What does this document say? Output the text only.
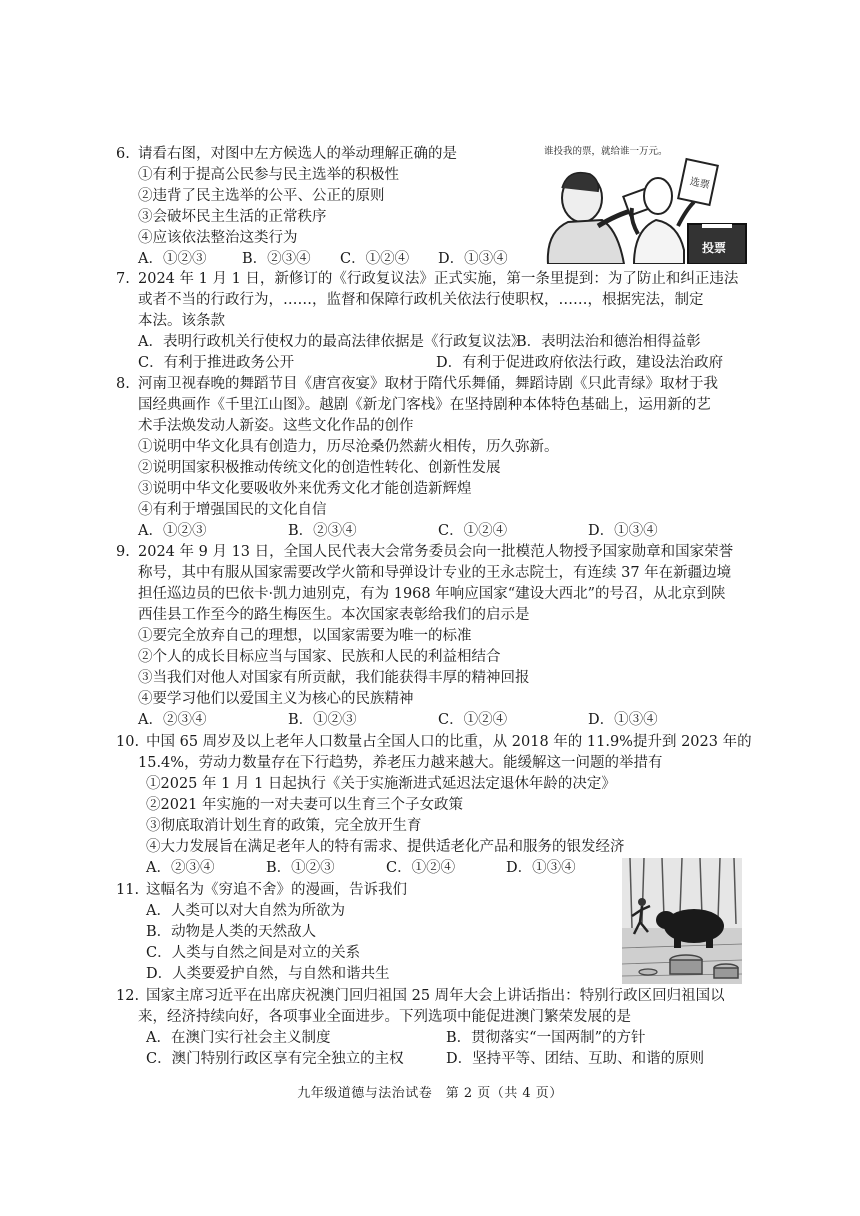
6. 请看右图，对图中左方候选人的举动理解正确的是
①有利于提高公民参与民主选举的积极性
②违背了民主选举的公平、公正的原则
③会破坏民主生活的正常秩序
④应该依法整治这类行为
A．①②③	B．②③④	C．①②④	D．①③④
谁投我的票，就给谁一万元。
选票
投票
7. 2024 年 1 月 1 日，新修订的《行政复议法》正式实施，第一条里提到：为了防止和纠正违法
或者不当的行政行为，……，监督和保障行政机关依法行使职权，……，根据宪法，制定
本法。该条款
A．表明行政机关行使权力的最高法律依据是《行政复议法》
B．表明法治和德治相得益彰
C．有利于推进政务公开	D．有利于促进政府依法行政，建设法治政府
8. 河南卫视春晚的舞蹈节目《唐宫夜宴》取材于隋代乐舞俑，舞蹈诗剧《只此青绿》取材于我
国经典画作《千里江山图》。越剧《新龙门客栈》在坚持剧种本体特色基础上，运用新的艺
术手法焕发动人新姿。这些文化作品的创作
①说明中华文化具有创造力，历尽沧桑仍然薪火相传，历久弥新。
②说明国家积极推动传统文化的创造性转化、创新性发展
③说明中华文化要吸收外来优秀文化才能创造新辉煌
④有利于增强国民的文化自信
A．①②③	B．②③④	C．①②④	D．①③④
9. 2024 年 9 月 13 日，全国人民代表大会常务委员会向一批模范人物授予国家勋章和国家荣誉
称号，其中有服从国家需要改学火箭和导弹设计专业的王永志院士，有连续 37 年在新疆边境
担任巡边员的巴依卡·凯力迪别克，有为 1968 年响应国家“建设大西北”的号召，从北京到陕
西佳县工作至今的路生梅医生。本次国家表彰给我们的启示是
①要完全放弃自己的理想，以国家需要为唯一的标准
②个人的成长目标应当与国家、民族和人民的利益相结合
③当我们对他人对国家有所贡献，我们能获得丰厚的精神回报
④要学习他们以爱国主义为核心的民族精神
A．②③④	B．①②③	C．①②④	D．①③④
10. 中国 65 周岁及以上老年人口数量占全国人口的比重，从 2018 年的 11.9%提升到 2023 年的
15.4%，劳动力数量存在下行趋势，养老压力越来越大。能缓解这一问题的举措有
①2025 年 1 月 1 日起执行《关于实施渐进式延迟法定退休年龄的决定》
②2021 年实施的一对夫妻可以生育三个子女政策
③彻底取消计划生育的政策，完全放开生育
④大力发展旨在满足老年人的特有需求、提供适老化产品和服务的银发经济
A．②③④	B．①②③	C．①②④	D．①③④
11. 这幅名为《穷追不舍》的漫画，告诉我们
A．人类可以对大自然为所欲为
B．动物是人类的天然敌人
C．人类与自然之间是对立的关系
D．人类要爱护自然，与自然和谐共生
12. 国家主席习近平在出席庆祝澳门回归祖国 25 周年大会上讲话指出：特别行政区回归祖国以
来，经济持续向好，各项事业全面进步。下列选项中能促进澳门繁荣发展的是
A．在澳门实行社会主义制度	B．贯彻落实“一国两制”的方针
C．澳门特别行政区享有完全独立的主权	D．坚持平等、团结、互助、和谐的原则
九年级道德与法治试卷　第 2 页（共 4 页）
